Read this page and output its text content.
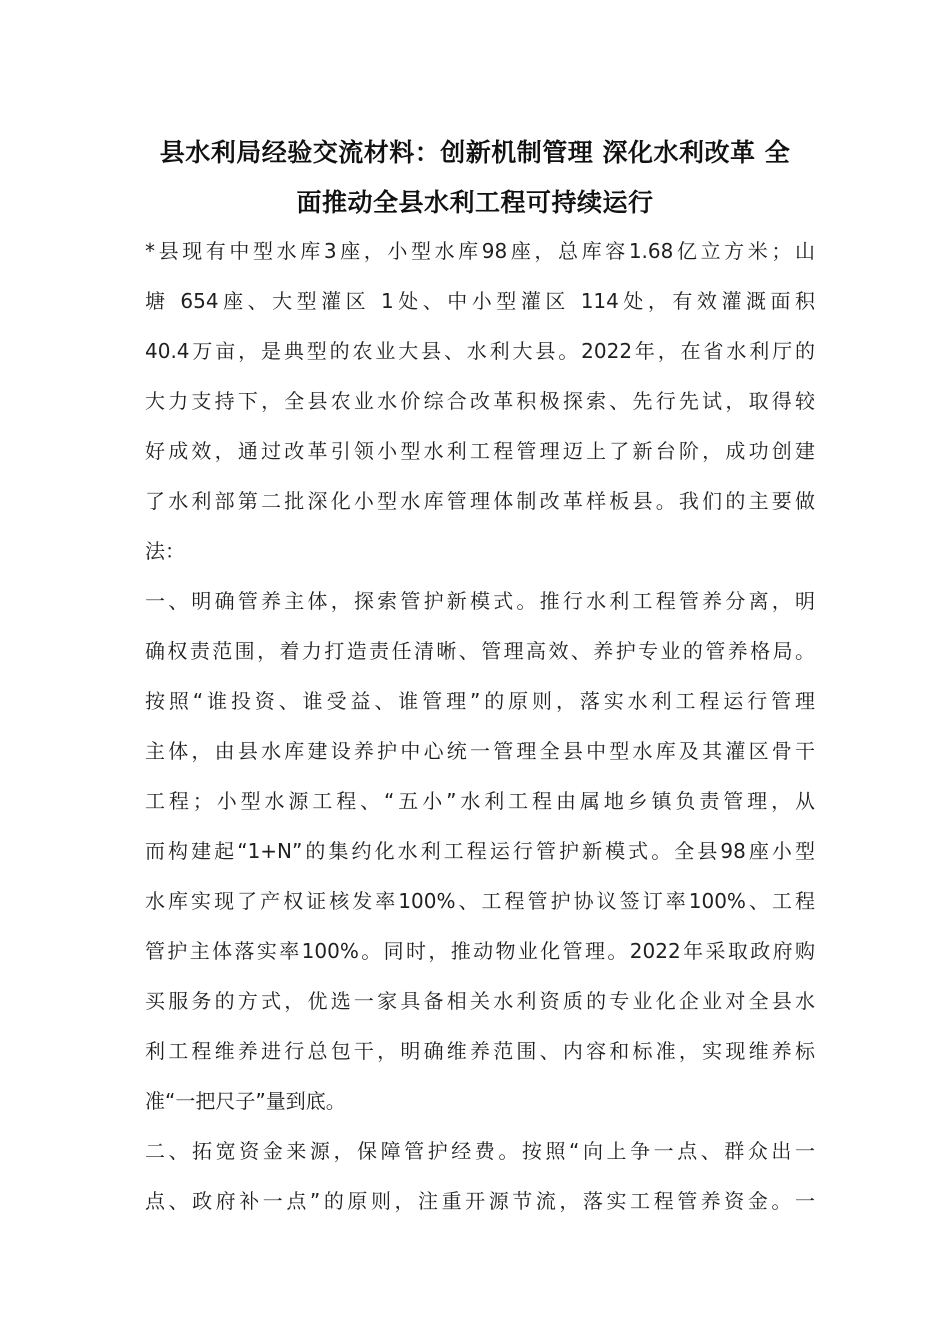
县水利局经验交流材料：创新机制管理 深化水利改革 全
面推动全县水利工程可持续运行
*县现有中型水库3座，小型水库98座，总库容1.68亿立方米；山
塘 654座、大型灌区 1处、中小型灌区 114处，有效灌溉面积
40.4万亩，是典型的农业大县、水利大县。2022年，在省水利厅的
大力支持下，全县农业水价综合改革积极探索、先行先试，取得较
好成效，通过改革引领小型水利工程管理迈上了新台阶，成功创建
了水利部第二批深化小型水库管理体制改革样板县。我们的主要做
法：
一、明确管养主体，探索管护新模式。推行水利工程管养分离，明
确权责范围，着力打造责任清晰、管理高效、养护专业的管养格局。
按照“谁投资、谁受益、谁管理”的原则，落实水利工程运行管理
主体，由县水库建设养护中心统一管理全县中型水库及其灌区骨干
工程；小型水源工程、“五小”水利工程由属地乡镇负责管理，从
而构建起“1+N”的集约化水利工程运行管护新模式。全县98座小型
水库实现了产权证核发率100%、工程管护协议签订率100%、工程
管护主体落实率100%。同时，推动物业化管理。2022年采取政府购
买服务的方式，优选一家具备相关水利资质的专业化企业对全县水
利工程维养进行总包干，明确维养范围、内容和标准，实现维养标
准“一把尺子”量到底。
二、拓宽资金来源，保障管护经费。按照“向上争一点、群众出一
点、政府补一点”的原则，注重开源节流，落实工程管养资金。一
